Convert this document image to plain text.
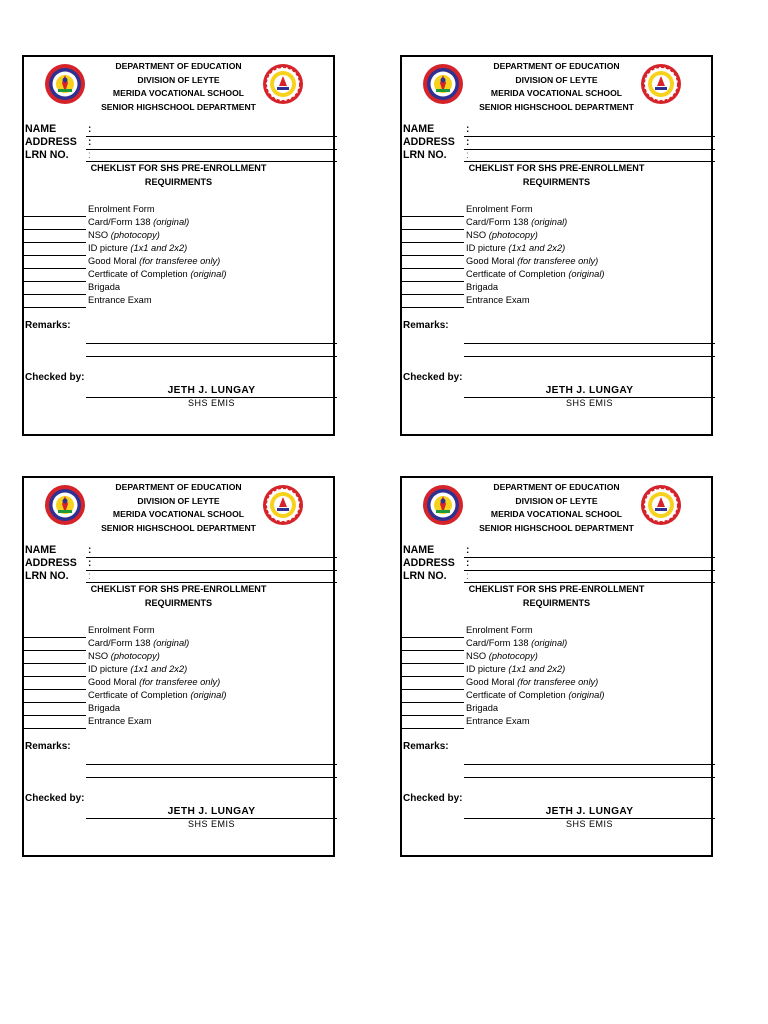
DEPARTMENT OF EDUCATION
DIVISION OF LEYTE
MERIDA VOCATIONAL SCHOOL
SENIOR HIGHSCHOOL DEPARTMENT
NAME	:
ADDRESS :
LRN NO. :
CHEKLIST FOR SHS PRE-ENROLLMENT
REQUIRMENTS
Enrolment Form
Card/Form 138 (original)
NSO (photocopy)
ID picture (1x1 and 2x2)
Good Moral (for transferee only)
Certficate of Completion (original)
Brigada
Entrance Exam
Remarks:
Checked by:
JETH J. LUNGAY
SHS EMIS
DEPARTMENT OF EDUCATION
DIVISION OF LEYTE
MERIDA VOCATIONAL SCHOOL
SENIOR HIGHSCHOOL DEPARTMENT
NAME	:
ADDRESS :
LRN NO. :
CHEKLIST FOR SHS PRE-ENROLLMENT
REQUIRMENTS
Enrolment Form
Card/Form 138 (original)
NSO (photocopy)
ID picture (1x1 and 2x2)
Good Moral (for transferee only)
Certficate of Completion (original)
Brigada
Entrance Exam
Remarks:
Checked by:
JETH J. LUNGAY
SHS EMIS
DEPARTMENT OF EDUCATION
DIVISION OF LEYTE
MERIDA VOCATIONAL SCHOOL
SENIOR HIGHSCHOOL DEPARTMENT
NAME	:
ADDRESS :
LRN NO. :
CHEKLIST FOR SHS PRE-ENROLLMENT
REQUIRMENTS
Enrolment Form
Card/Form 138 (original)
NSO (photocopy)
ID picture (1x1 and 2x2)
Good Moral (for transferee only)
Certficate of Completion (original)
Brigada
Entrance Exam
Remarks:
Checked by:
JETH J. LUNGAY
SHS EMIS
DEPARTMENT OF EDUCATION
DIVISION OF LEYTE
MERIDA VOCATIONAL SCHOOL
SENIOR HIGHSCHOOL DEPARTMENT
NAME	:
ADDRESS :
LRN NO. :
CHEKLIST FOR SHS PRE-ENROLLMENT
REQUIRMENTS
Enrolment Form
Card/Form 138 (original)
NSO (photocopy)
ID picture (1x1 and 2x2)
Good Moral (for transferee only)
Certficate of Completion (original)
Brigada
Entrance Exam
Remarks:
Checked by:
JETH J. LUNGAY
SHS EMIS
